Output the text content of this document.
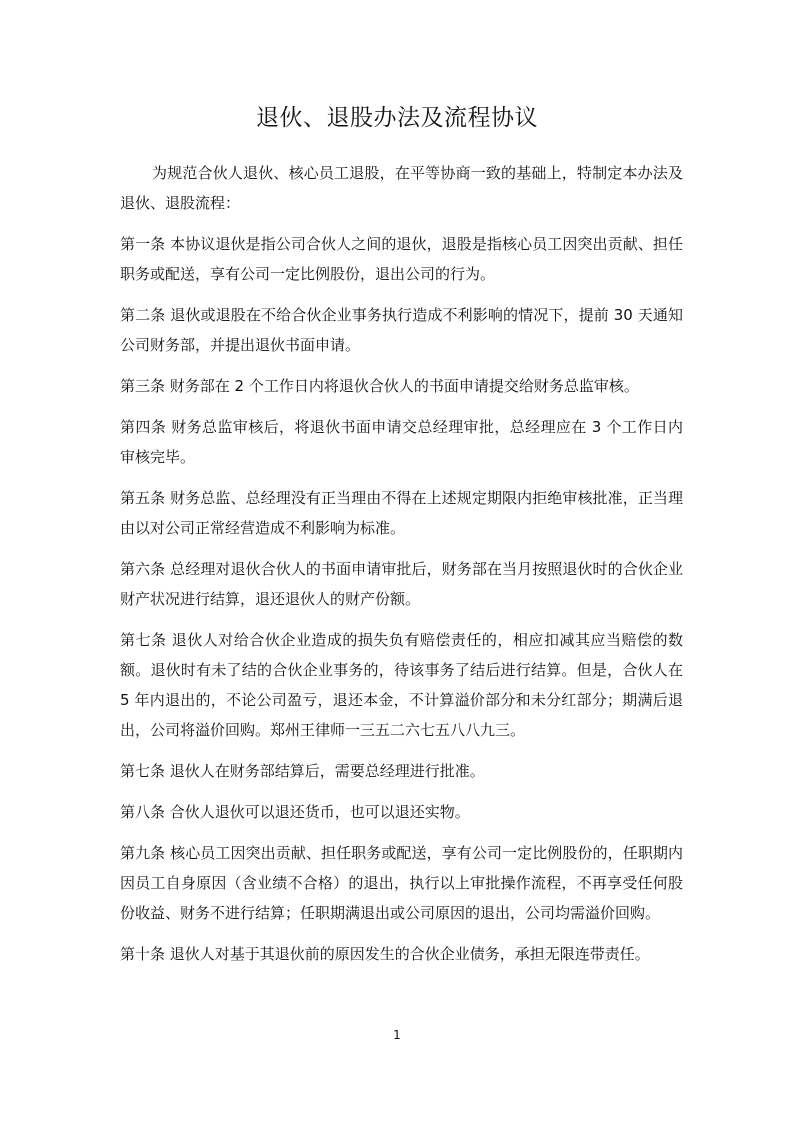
退伙、退股办法及流程协议

为规范合伙人退伙、核心员工退股，在平等协商一致的基础上，特制定本办法及退伙、退股流程：

第一条 本协议退伙是指公司合伙人之间的退伙，退股是指核心员工因突出贡献、担任职务或配送，享有公司一定比例股份，退出公司的行为。

第二条 退伙或退股在不给合伙企业事务执行造成不利影响的情况下，提前 30 天通知公司财务部，并提出退伙书面申请。

第三条 财务部在 2 个工作日内将退伙合伙人的书面申请提交给财务总监审核。

第四条 财务总监审核后，将退伙书面申请交总经理审批，总经理应在 3 个工作日内审核完毕。

第五条 财务总监、总经理没有正当理由不得在上述规定期限内拒绝审核批准，正当理由以对公司正常经营造成不利影响为标准。

第六条 总经理对退伙合伙人的书面申请审批后，财务部在当月按照退伙时的合伙企业财产状况进行结算，退还退伙人的财产份额。

第七条 退伙人对给合伙企业造成的损失负有赔偿责任的，相应扣减其应当赔偿的数额。退伙时有未了结的合伙企业事务的，待该事务了结后进行结算。但是，合伙人在 5 年内退出的，不论公司盈亏，退还本金，不计算溢价部分和未分红部分；期满后退出，公司将溢价回购。郑州王律师一三五二六七五八八九三。

第七条 退伙人在财务部结算后，需要总经理进行批准。

第八条 合伙人退伙可以退还货币，也可以退还实物。

第九条 核心员工因突出贡献、担任职务或配送，享有公司一定比例股份的，任职期内因员工自身原因（含业绩不合格）的退出，执行以上审批操作流程，不再享受任何股份收益、财务不进行结算；任职期满退出或公司原因的退出，公司均需溢价回购。

第十条 退伙人对基于其退伙前的原因发生的合伙企业债务，承担无限连带责任。

1
